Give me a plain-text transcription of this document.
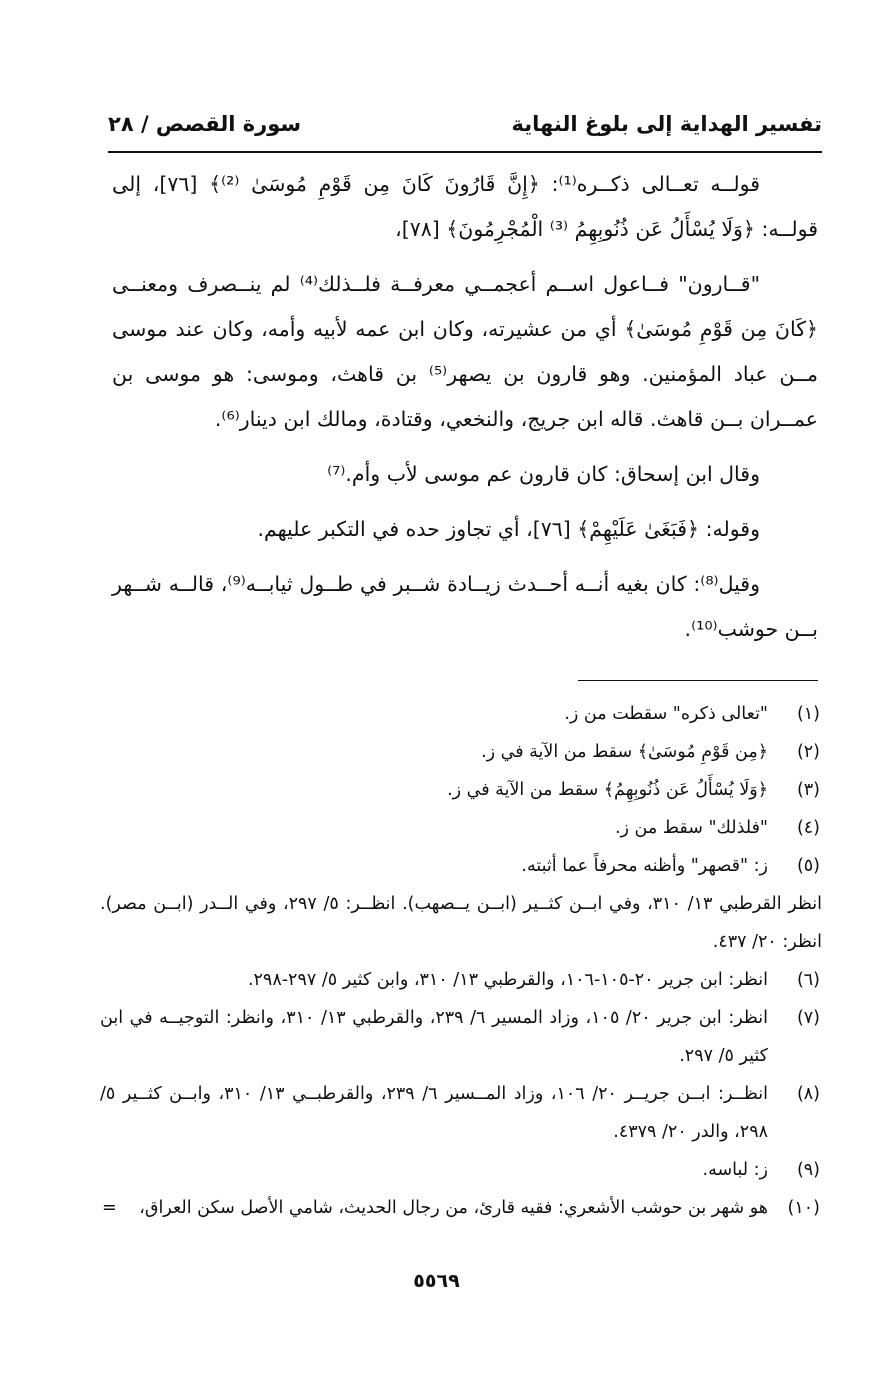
تفسير الهداية إلى بلوغ النهاية
سورة القصص / ٢٨

قولــه تعــالى ذكــره⁽¹⁾: ﴿إِنَّ قَارُونَ كَانَ مِن قَوْمِ مُوسَىٰ ⁽²⁾﴾ [٧٦]، إلى قولــه: ﴿وَلَا يُسْأَلُ عَن ذُنُوبِهِمُ ⁽³⁾ الْمُجْرِمُونَ﴾ [٧٨]،

"قــارون" فــاعول اســم أعجمــي معرفــة فلــذلك⁽⁴⁾ لم ينــصرف ومعنــى ﴿كَانَ مِن قَوْمِ مُوسَىٰ﴾ أي من عشيرته، وكان ابن عمه لأبيه وأمه، وكان عند موسى مــن عباد المؤمنين. وهو قارون بن يصهر⁽⁵⁾ بن قاهث، وموسى: هو موسى بن عمــران بــن قاهث. قاله ابن جريج، والنخعي، وقتادة، ومالك ابن دينار⁽⁶⁾.

وقال ابن إسحاق: كان قارون عم موسى لأب وأم.⁽⁷⁾

وقوله: ﴿فَبَغَىٰ عَلَيْهِمْ﴾ [٧٦]، أي تجاوز حده في التكبر عليهم.

وقيل⁽⁸⁾: كان بغيه أنــه أحــدث زيــادة شــبر في طــول ثيابــه⁽⁹⁾، قالــه شــهر بــن حوشب⁽¹⁰⁾.

(١)
"تعالى ذكره" سقطت من ز.
(٢)
﴿مِن قَوْمِ مُوسَىٰ﴾ سقط من الآية في ز.
(٣)
﴿وَلَا يُسْأَلُ عَن ذُنُوبِهِمُ﴾ سقط من الآية في ز.
(٤)
"فلذلك" سقط من ز.
(٥)
ز: "قصهر" وأظنه محرفاً عما أثبته.
انظر القرطبي ١٣/ ٣١٠، وفي ابــن كثــير (ابــن يــصهب). انظــر: ٥/ ٢٩٧، وفي الــدر (ابــن مصر). انظر: ٢٠/ ٤٣٧.
(٦)
انظر: ابن جرير ٢٠-١٠٥-١٠٦، والقرطبي ١٣/ ٣١٠، وابن كثير ٥/ ٢٩٧-٢٩٨.
(٧)
انظر: ابن جرير ٢٠/ ١٠٥، وزاد المسير ٦/ ٢٣٩، والقرطبي ١٣/ ٣١٠، وانظر: التوجيــه في ابن كثير ٥/ ٢٩٧.
(٨)
انظــر: ابــن جريــر ٢٠/ ١٠٦، وزاد المــسير ٦/ ٢٣٩، والقرطبــي ١٣/ ٣١٠، وابــن كثــير ٥/ ٢٩٨، والدر ٢٠/ ٤٣٧٩.
(٩)
ز: لباسه.
(١٠)
هو شهر بن حوشب الأشعري: فقيه قارئ، من رجال الحديث، شامي الأصل سكن العراق،
=
٥٥٦٩
